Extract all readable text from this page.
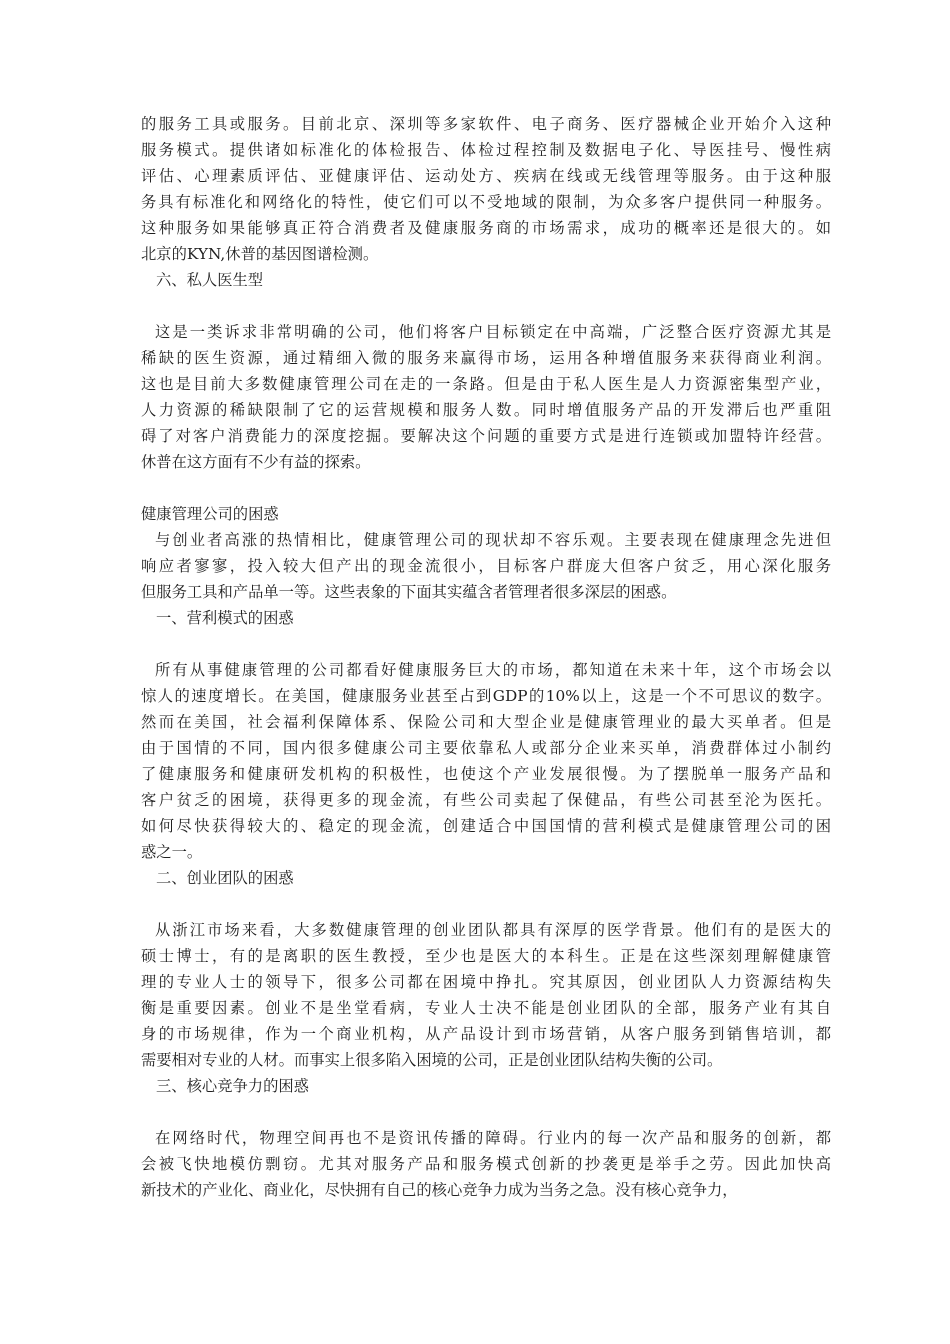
的服务工具或服务。目前北京、深圳等多家软件、电子商务、医疗器械企业开始介入这种
服务模式。提供诸如标准化的体检报告、体检过程控制及数据电子化、导医挂号、慢性病
评估、心理素质评估、亚健康评估、运动处方、疾病在线或无线管理等服务。由于这种服
务具有标准化和网络化的特性，使它们可以不受地域的限制，为众多客户提供同一种服务。
这种服务如果能够真正符合消费者及健康服务商的市场需求，成功的概率还是很大的。如
北京的KYN,休普的基因图谱检测。
六、私人医生型
这是一类诉求非常明确的公司，他们将客户目标锁定在中高端，广泛整合医疗资源尤其是
稀缺的医生资源，通过精细入微的服务来赢得市场，运用各种增值服务来获得商业利润。
这也是目前大多数健康管理公司在走的一条路。但是由于私人医生是人力资源密集型产业，
人力资源的稀缺限制了它的运营规模和服务人数。同时增值服务产品的开发滞后也严重阻
碍了对客户消费能力的深度挖掘。要解决这个问题的重要方式是进行连锁或加盟特许经营。
休普在这方面有不少有益的探索。
健康管理公司的困惑
与创业者高涨的热情相比，健康管理公司的现状却不容乐观。主要表现在健康理念先进但
响应者寥寥，投入较大但产出的现金流很小，目标客户群庞大但客户贫乏，用心深化服务
但服务工具和产品单一等。这些表象的下面其实蕴含者管理者很多深层的困惑。
一、营利模式的困惑
所有从事健康管理的公司都看好健康服务巨大的市场，都知道在未来十年，这个市场会以
惊人的速度增长。在美国，健康服务业甚至占到GDP的10%以上，这是一个不可思议的数字。
然而在美国，社会福利保障体系、保险公司和大型企业是健康管理业的最大买单者。但是
由于国情的不同，国内很多健康公司主要依靠私人或部分企业来买单，消费群体过小制约
了健康服务和健康研发机构的积极性，也使这个产业发展很慢。为了摆脱单一服务产品和
客户贫乏的困境，获得更多的现金流，有些公司卖起了保健品，有些公司甚至沦为医托。
如何尽快获得较大的、稳定的现金流，创建适合中国国情的营利模式是健康管理公司的困
惑之一。
二、创业团队的困惑
从浙江市场来看，大多数健康管理的创业团队都具有深厚的医学背景。他们有的是医大的
硕士博士，有的是离职的医生教授，至少也是医大的本科生。正是在这些深刻理解健康管
理的专业人士的领导下，很多公司都在困境中挣扎。究其原因，创业团队人力资源结构失
衡是重要因素。创业不是坐堂看病，专业人士决不能是创业团队的全部，服务产业有其自
身的市场规律，作为一个商业机构，从产品设计到市场营销，从客户服务到销售培训，都
需要相对专业的人材。而事实上很多陷入困境的公司，正是创业团队结构失衡的公司。
三、核心竞争力的困惑
在网络时代，物理空间再也不是资讯传播的障碍。行业内的每一次产品和服务的创新，都
会被飞快地模仿剽窃。尤其对服务产品和服务模式创新的抄袭更是举手之劳。因此加快高
新技术的产业化、商业化，尽快拥有自己的核心竞争力成为当务之急。没有核心竞争力，
